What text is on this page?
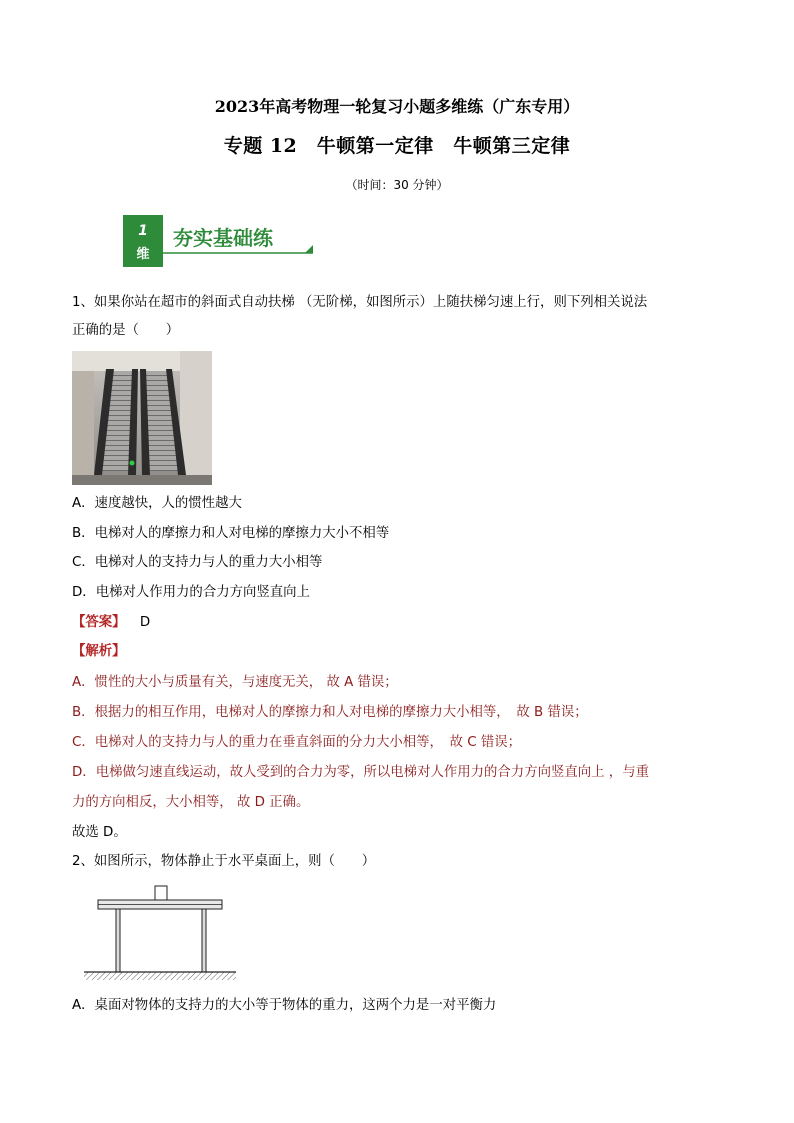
2023年高考物理一轮复习小题多维练（广东专用）
专题 12　牛顿第一定律　牛顿第三定律
（时间：30 分钟）
1
维
夯实基础练
1、如果你站在超市的斜面式自动扶梯 （无阶梯，如图所示）上随扶梯匀速上行，则下列相关说法
正确的是（　　）
A．速度越快，人的惯性越大
B．电梯对人的摩擦力和人对电梯的摩擦力大小不相等
C．电梯对人的支持力与人的重力大小相等
D．电梯对人作用力的合力方向竖直向上
【答案】 D
【解析】
A．惯性的大小与质量有关，与速度无关， 故 A 错误；
B．根据力的相互作用，电梯对人的摩擦力和人对电梯的摩擦力大小相等，　故 B 错误；
C．电梯对人的支持力与人的重力在垂直斜面的分力大小相等，　故 C 错误；
D．电梯做匀速直线运动，故人受到的合力为零，所以电梯对人作用力的合力方向竖直向上 ，与重
力的方向相反，大小相等， 故 D 正确。
故选 D。
2、如图所示，物体静止于水平桌面上，则（　　）
A．桌面对物体的支持力的大小等于物体的重力，这两个力是一对平衡力
